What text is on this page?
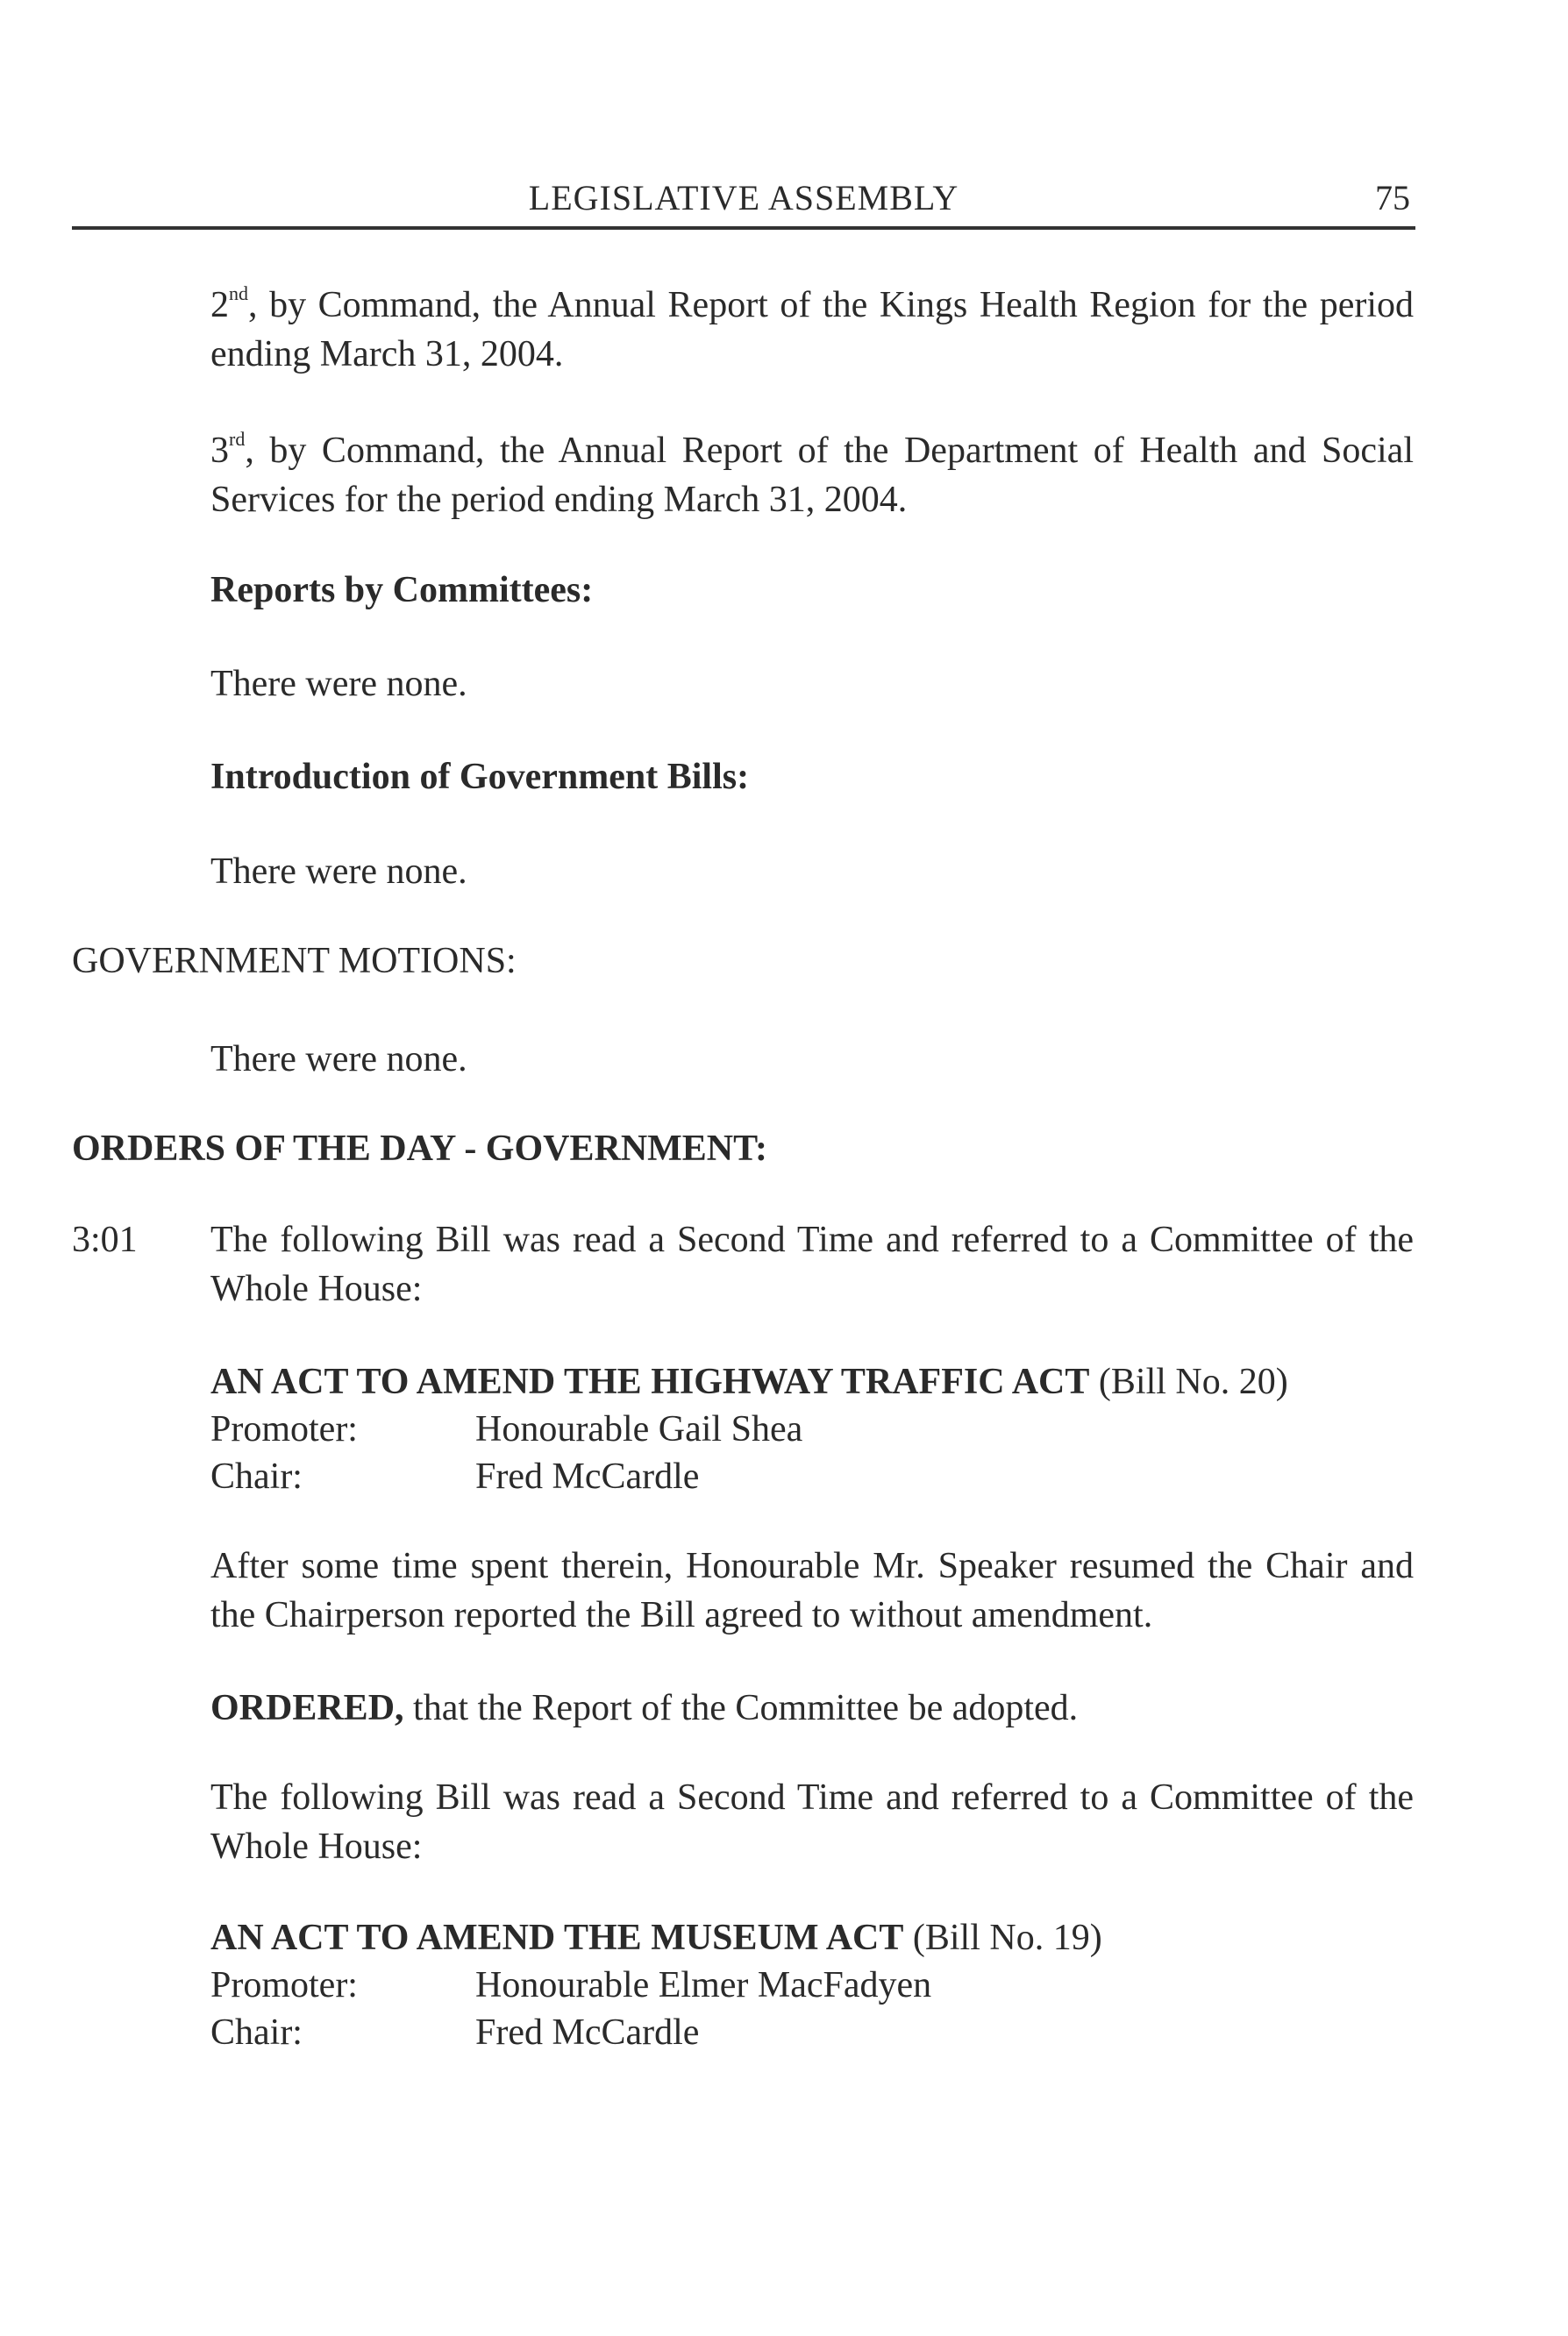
LEGISLATIVE ASSEMBLY	75
2nd, by Command, the Annual Report of the Kings Health Region for the period ending March 31, 2004.
3rd, by Command, the Annual Report of the Department of Health and Social Services for the period ending March 31, 2004.
Reports by Committees:
There were none.
Introduction of Government Bills:
There were none.
GOVERNMENT MOTIONS:
There were none.
ORDERS OF THE DAY - GOVERNMENT:
3:01 The following Bill was read a Second Time and referred to a Committee of the Whole House:
AN ACT TO AMEND THE HIGHWAY TRAFFIC ACT (Bill No. 20)
Promoter:	Honourable Gail Shea
Chair:	Fred McCardle
After some time spent therein, Honourable Mr. Speaker resumed the Chair and the Chairperson reported the Bill agreed to without amendment.
ORDERED, that the Report of the Committee be adopted.
The following Bill was read a Second Time and referred to a Committee of the Whole House:
AN ACT TO AMEND THE MUSEUM ACT (Bill No. 19)
Promoter:	Honourable Elmer MacFadyen
Chair:	Fred McCardle
